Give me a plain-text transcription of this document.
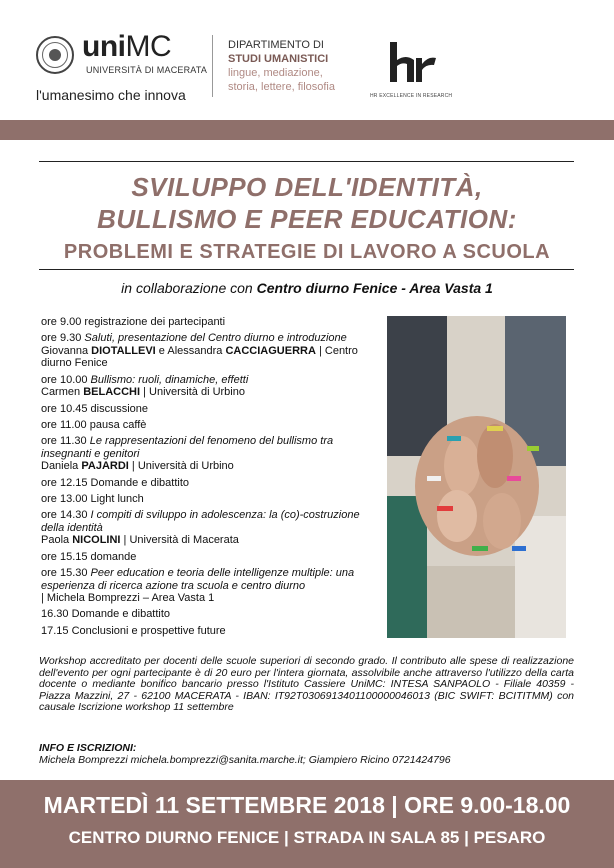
uniMC
UNIVERSITÀ DI MACERATA
l'umanesimo che innova
DIPARTIMENTO DI
STUDI UMANISTICI
lingue, mediazione,
storia, lettere, filosofia
HR EXCELLENCE IN RESEARCH
SVILUPPO DELL'IDENTITÀ,
BULLISMO E PEER EDUCATION:
PROBLEMI E STRATEGIE DI LAVORO A SCUOLA
in collaborazione con Centro diurno Fenice - Area Vasta 1
ore 9.00 registrazione dei partecipanti
ore 9.30 Saluti, presentazione del Centro diurno e introduzione
Giovanna DIOTALLEVI e Alessandra CACCIAGUERRA | Centro diurno Fenice
ore 10.00 Bullismo: ruoli, dinamiche, effetti
Carmen BELACCHI | Università di Urbino
ore 10.45 discussione
ore 11.00 pausa caffè
ore 11.30 Le rappresentazioni del fenomeno del bullismo tra insegnanti e genitori
Daniela PAJARDI | Università di Urbino
ore 12.15 Domande e dibattito
ore 13.00 Light lunch
ore 14.30 I compiti di sviluppo in adolescenza: la (co)-costruzione della identità
Paola NICOLINI | Università di Macerata
ore 15.15 domande
ore 15.30 Peer education e teoria delle intelligenze multiple: una esperienza di ricerca azione tra scuola e centro diurno
| Michela Bomprezzi – Area Vasta 1
16.30 Domande e dibattito
17.15 Conclusioni e prospettive future
Workshop accreditato per docenti delle scuole superiori di secondo grado. Il contributo alle spese di realizzazione dell'evento per ogni partecipante è di 20 euro per l'intera giornata, assolvibile anche attraverso l'utilizzo della carta docente o mediante bonifico bancario presso l'Istituto Cassiere UniMC: INTESA SANPAOLO - Filiale 40359 - Piazza Mazzini, 27 - 62100 MACERATA - IBAN: IT92T0306913401100000046013 (BIC SWIFT: BCITITMM) con causale Iscrizione workshop 11 settembre
INFO E ISCRIZIONI:
Michela Bomprezzi michela.bomprezzi@sanita.marche.it; Giampiero Ricino 0721424796
MARTEDÌ 11 SETTEMBRE 2018 | ORE 9.00-18.00
CENTRO DIURNO FENICE | STRADA IN SALA 85 | PESARO
